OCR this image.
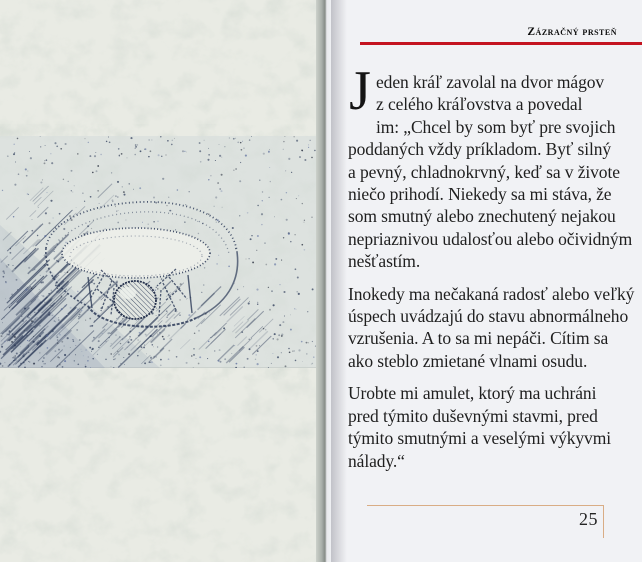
Zázračný prsteň

J eden kráľ zavolal na dvor mágov
z celého kráľovstva a povedal
im: „Chcel by som byť pre svojich
poddaných vždy príkladom. Byť silný
a pevný, chladnokrvný, keď sa v živote
niečo prihodí. Niekedy sa mi stáva, že
som smutný alebo znechutený nejakou
nepriaznivou udalosťou alebo očividným
nešťastím.

Inokedy ma nečakaná radosť alebo veľký
úspech uvádzajú do stavu abnormálneho
vzrušenia. A to sa mi nepáči. Cítim sa
ako steblo zmietané vlnami osudu.

Urobte mi amulet, ktorý ma uchráni
pred týmito duševnými stavmi, pred
týmito smutnými a veselými výkyvmi
nálady.“

25
